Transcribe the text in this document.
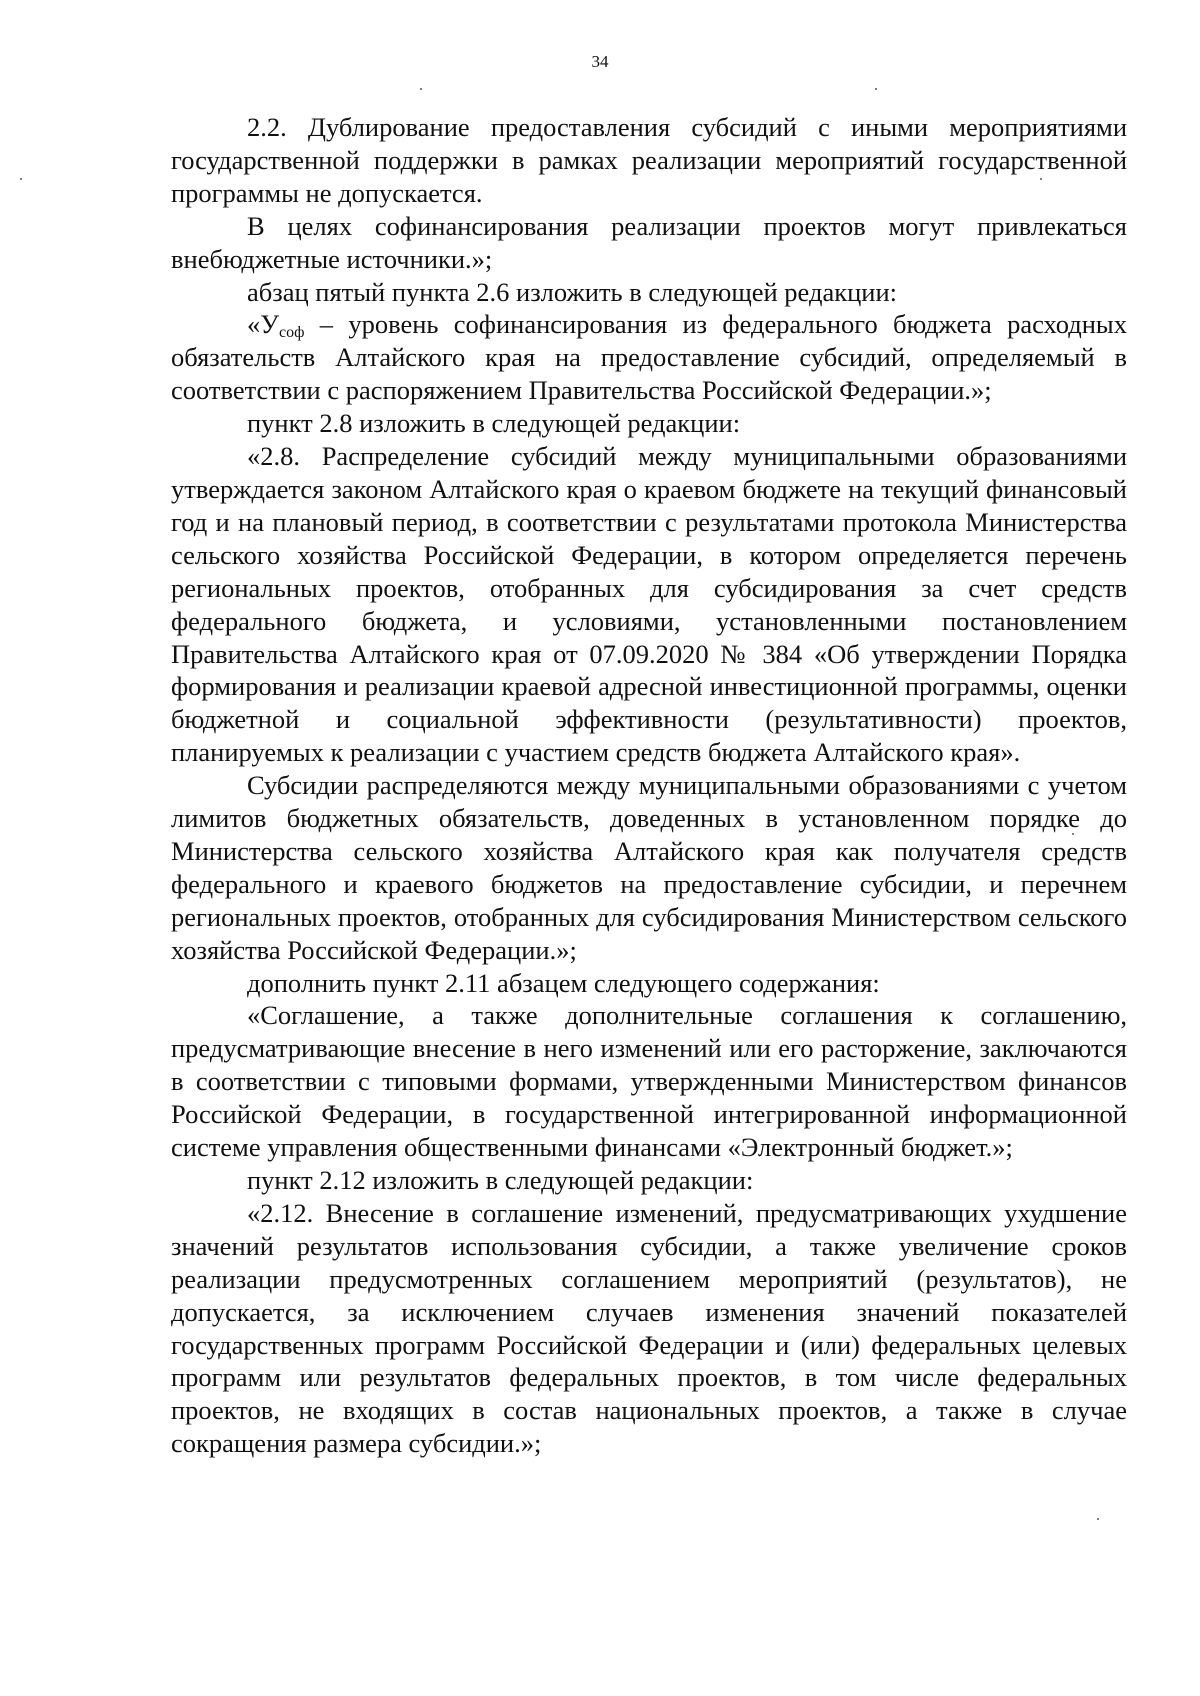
34

2.2. Дублирование предоставления субсидий с иными мероприятиями государственной поддержки в рамках реализации мероприятий государственной программы не допускается.

В целях софинансирования реализации проектов могут привлекаться внебюджетные источники.»;

абзац пятый пункта 2.6 изложить в следующей редакции:

«$У_{соф}$ – уровень софинансирования из федерального бюджета расходных обязательств Алтайского края на предоставление субсидий, определяемый в соответствии с распоряжением Правительства Российской Федерации.»;

пункт 2.8 изложить в следующей редакции:

«2.8. Распределение субсидий между муниципальными образованиями утверждается законом Алтайского края о краевом бюджете на текущий финансовый год и на плановый период, в соответствии с результатами протокола Министерства сельского хозяйства Российской Федерации, в котором определяется перечень региональных проектов, отобранных для субсидирования за счет средств федерального бюджета, и условиями, установленными постановлением Правительства Алтайского края от 07.09.2020 № 384 «Об утверждении Порядка формирования и реализации краевой адресной инвестиционной программы, оценки бюджетной и социальной эффективности (результативности) проектов, планируемых к реализации с участием средств бюджета Алтайского края».

Субсидии распределяются между муниципальными образованиями с учетом лимитов бюджетных обязательств, доведенных в установленном порядке до Министерства сельского хозяйства Алтайского края как получателя средств федерального и краевого бюджетов на предоставление субсидии, и перечнем региональных проектов, отобранных для субсидирования Министерством сельского хозяйства Российской Федерации.»;

дополнить пункт 2.11 абзацем следующего содержания:

«Соглашение, а также дополнительные соглашения к соглашению, предусматривающие внесение в него изменений или его расторжение, заключаются в соответствии с типовыми формами, утвержденными Министерством финансов Российской Федерации, в государственной интегрированной информационной системе управления общественными финансами «Электронный бюджет.»;

пункт 2.12 изложить в следующей редакции:

«2.12. Внесение в соглашение изменений, предусматривающих ухудшение значений результатов использования субсидии, а также увеличение сроков реализации предусмотренных соглашением мероприятий (результатов), не допускается, за исключением случаев изменения значений показателей государственных программ Российской Федерации и (или) федеральных целевых программ или результатов федеральных проектов, в том числе федеральных проектов, не входящих в состав национальных проектов, а также в случае сокращения размера субсидии.»;
